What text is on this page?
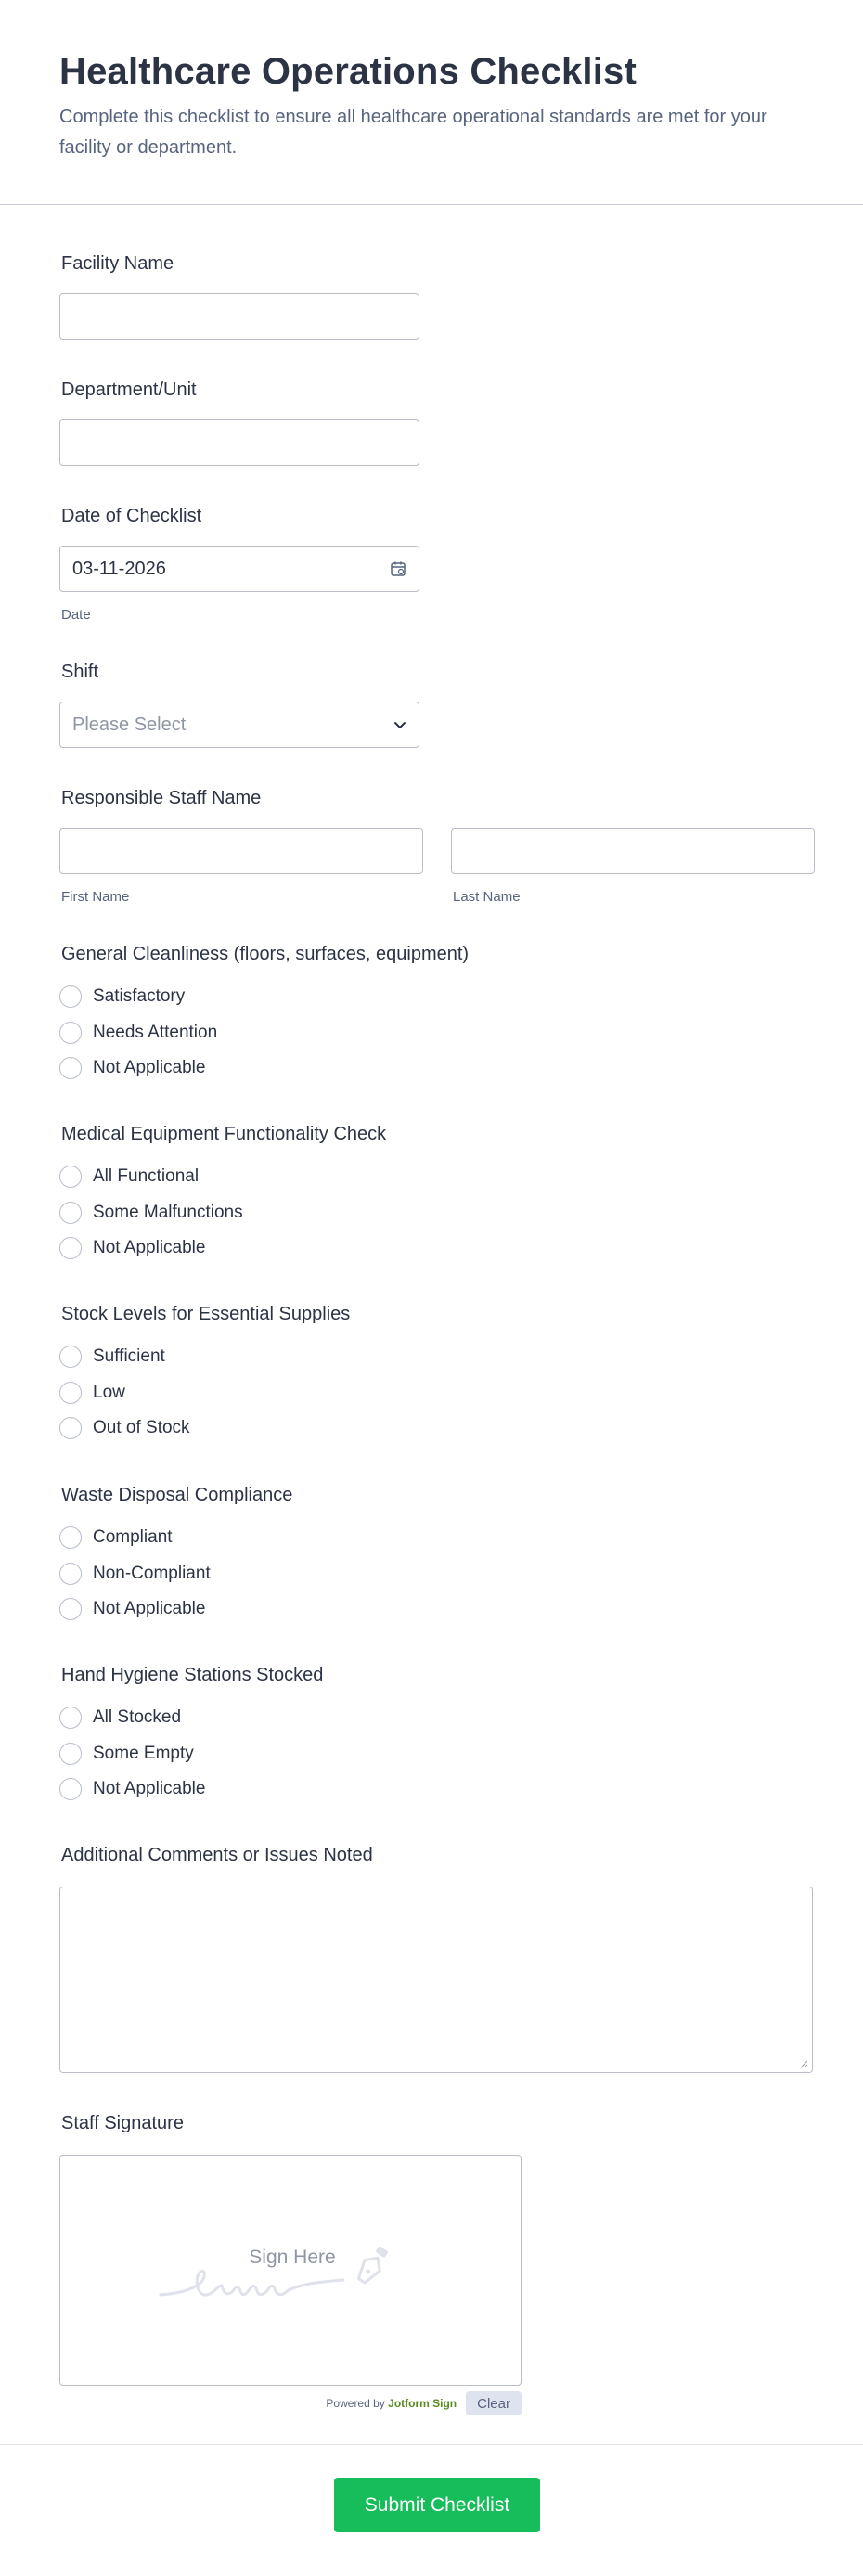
Healthcare Operations Checklist

Complete this checklist to ensure all healthcare operational standards are met for your facility or department.

Facility Name
Department/Unit
Date of Checklist
03-11-2026
Date
Shift
Please Select
Responsible Staff Name
First Name	Last Name
General Cleanliness (floors, surfaces, equipment)
Satisfactory
Needs Attention
Not Applicable
Medical Equipment Functionality Check
All Functional
Some Malfunctions
Not Applicable
Stock Levels for Essential Supplies
Sufficient
Low
Out of Stock
Waste Disposal Compliance
Compliant
Non-Compliant
Not Applicable
Hand Hygiene Stations Stocked
All Stocked
Some Empty
Not Applicable
Additional Comments or Issues Noted
Staff Signature
Sign Here
Powered by Jotform Sign	Clear
Submit Checklist
